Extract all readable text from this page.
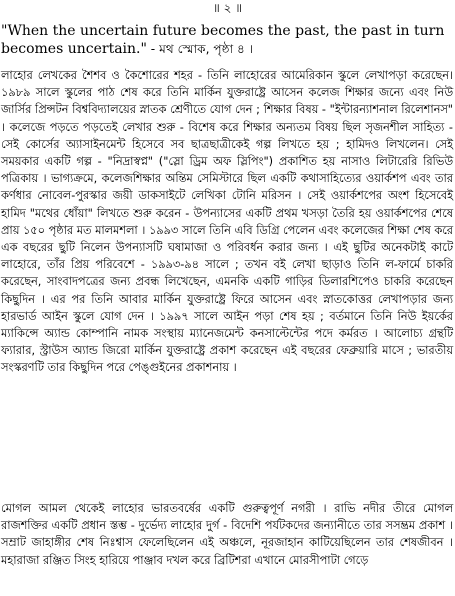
॥ ২ ॥
"When the uncertain future becomes the past, the past in turn becomes uncertain." - মথ স্মোক, পৃষ্ঠা ৪ ।
লাহোর লেখকের শৈশব ও কৈশোরের শহর - তিনি লাহোরের আমেরিকান স্কুলে লেখাপড়া করেছেন। ১৯৮৯ সালে স্কুলের পাঠ শেষ করে তিনি মার্কিন যুক্তরাষ্ট্রে আসেন কলেজ শিক্ষার জন্যে এবং নিউ জার্সির প্রিন্সটন বিশ্ববিদ্যালয়ের স্নাতক শ্রেণীতে যোগ দেন ; শিক্ষার বিষয় - "ইন্টারন্যাশনাল রিলেশানস" । কলেজে পড়তে পড়তেই লেখার শুরু - বিশেষ করে শিক্ষার অন্যতম বিষয় ছিল সৃজনশীল সাহিত্য - সেই কোর্সের অ্যাসাইনমেন্ট হিসেবে সব ছাত্রছাত্রীকেই গল্প লিখতে হয় ; হামিদও লিখলেন। সেই সময়কার একটি গল্প - "নিদ্রাস্বপ্ন" ("স্লো ড্রিম অফ স্লিপিং") প্রকাশিত হয় নাসাও লিটারেরি রিভিউ পত্রিকায় । ভাগ্যক্রমে, কলেজশিক্ষার অন্তিম সেমিস্টারে ছিল একটি কথাসাহিত্যের ওয়ার্কশপ এবং তার কর্ণধার নোবেল-পুরস্কার জয়ী ডাকসাইটে লেখিকা টোনি মরিসন । সেই ওয়ার্কশপের অংশ হিসেবেই হামিদ "মথের ধোঁয়া" লিখতে শুরু করেন - উপন্যাসের একটি প্রথম খসড়া তৈরি হয় ওয়ার্কশপের শেষে প্রায় ১৫০ পৃষ্ঠার মত মালমশলা । ১৯৯৩ সালে তিনি এবি ডিগ্রি পেলেন এবং কলেজের শিক্ষা শেষ করে এক বছরের ছুটি নিলেন উপন্যাসটি ঘষামাজা ও পরিবর্ধন করার জন্য । এই ছুটির অনেকটাই কাটে লাহোরে, তাঁর প্রিয় পরিবেশে - ১৯৯৩-৯৪ সালে ; তখন বই লেখা ছাড়াও তিনি ল-ফার্মে চাকরি করেছেন, সাংবাদপত্রের জন্য প্রবন্ধ লিখেছেন, এমনকি একটি গাড়ির ডিলারশিপেও চাকরি করেছেন কিছুদিন । এর পর তিনি আবার মার্কিন যুক্তরাষ্ট্রে ফিরে আসেন এবং স্নাতকোত্তর লেখাপড়ার জন্য হারভার্ড আইন স্কুলে যোগ দেন । ১৯৯৭ সালে আইন পড়া শেষ হয় ; বর্তমানে তিনি নিউ ইয়র্কের ম্যাকিন্সে অ্যান্ড কোম্পানি নামক সংস্থায় ম্যানেজমেন্ট কনসাল্টেন্টের পদে কর্মরত । আলোচ্য গ্রন্থটি ফ্যারার, স্ট্রাউস অ্যান্ড জিরো মার্কিন যুক্তরাষ্ট্রে প্রকাশ করেছেন এই বছরের ফেব্রুয়ারি মাসে ; ভারতীয় সংস্করণটি তার কিছুদিন পরে পেঙ্গুইনের প্রকাশনায় ।
মোগল আমল থেকেই লাহোর ভারতবর্ষের একটি গুরুত্বপূর্ণ নগরী । রাভি নদীর তীরে মোগল রাজশক্তির একটি প্রধান স্তম্ভ - দুর্ভেদ্য লাহোর দুর্গ - বিদেশি পর্যটকদের জন্যানীতে তার সসম্ভ্রম প্রকাশ । সম্রাট জাহাঙ্গীর শেষ নিঃশ্বাস ফেলেছিলেন এই অঞ্চলে, নূরজাহান কাটিয়েছিলেন তার শেষজীবন । মহারাজা রঞ্জিত সিংহ হারিয়ে পাঞ্জাব দখল করে ব্রিটিশরা এখানে মোরসীপাটা গেড়ে
